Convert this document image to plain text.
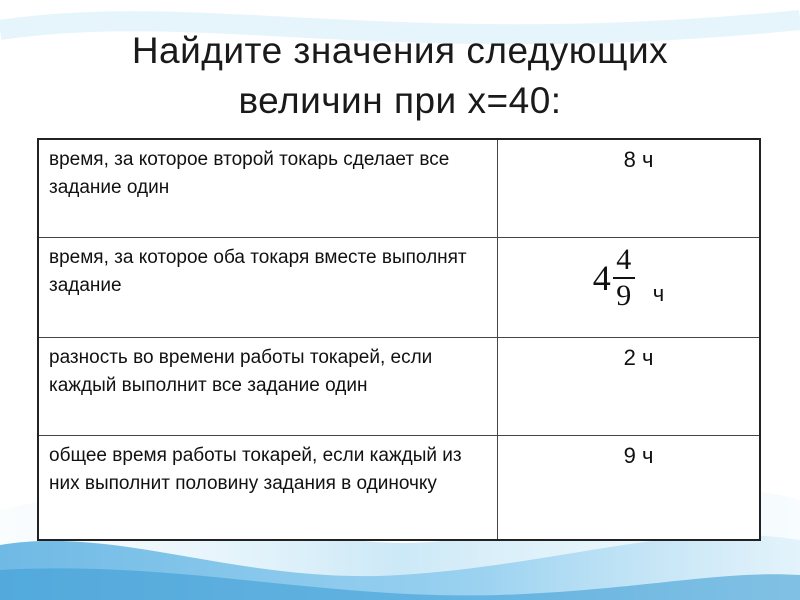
Найдите значения следующих
величин при х=40:
время, за которое второй токарь сделает все задание один	8 ч
время, за которое оба токаря вместе выполнят задание	$4 \frac{4}{9}$ ч

разность во времени работы токарей, если каждый выполнит все задание один	2 ч
общее время работы токарей, если каждый из них выполнит половину задания в одиночку	9 ч
